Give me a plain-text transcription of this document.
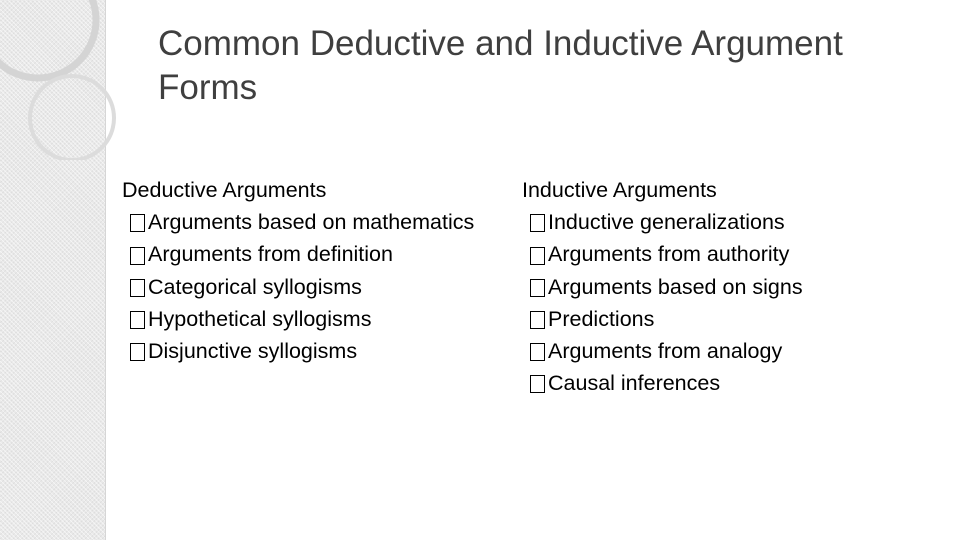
Common Deductive and Inductive Argument Forms
Deductive Arguments
Arguments based on mathematics
Arguments from definition
Categorical syllogisms
Hypothetical syllogisms
Disjunctive syllogisms
Inductive Arguments
Inductive generalizations
Arguments from authority
Arguments based on signs
Predictions
Arguments from analogy
Causal inferences
